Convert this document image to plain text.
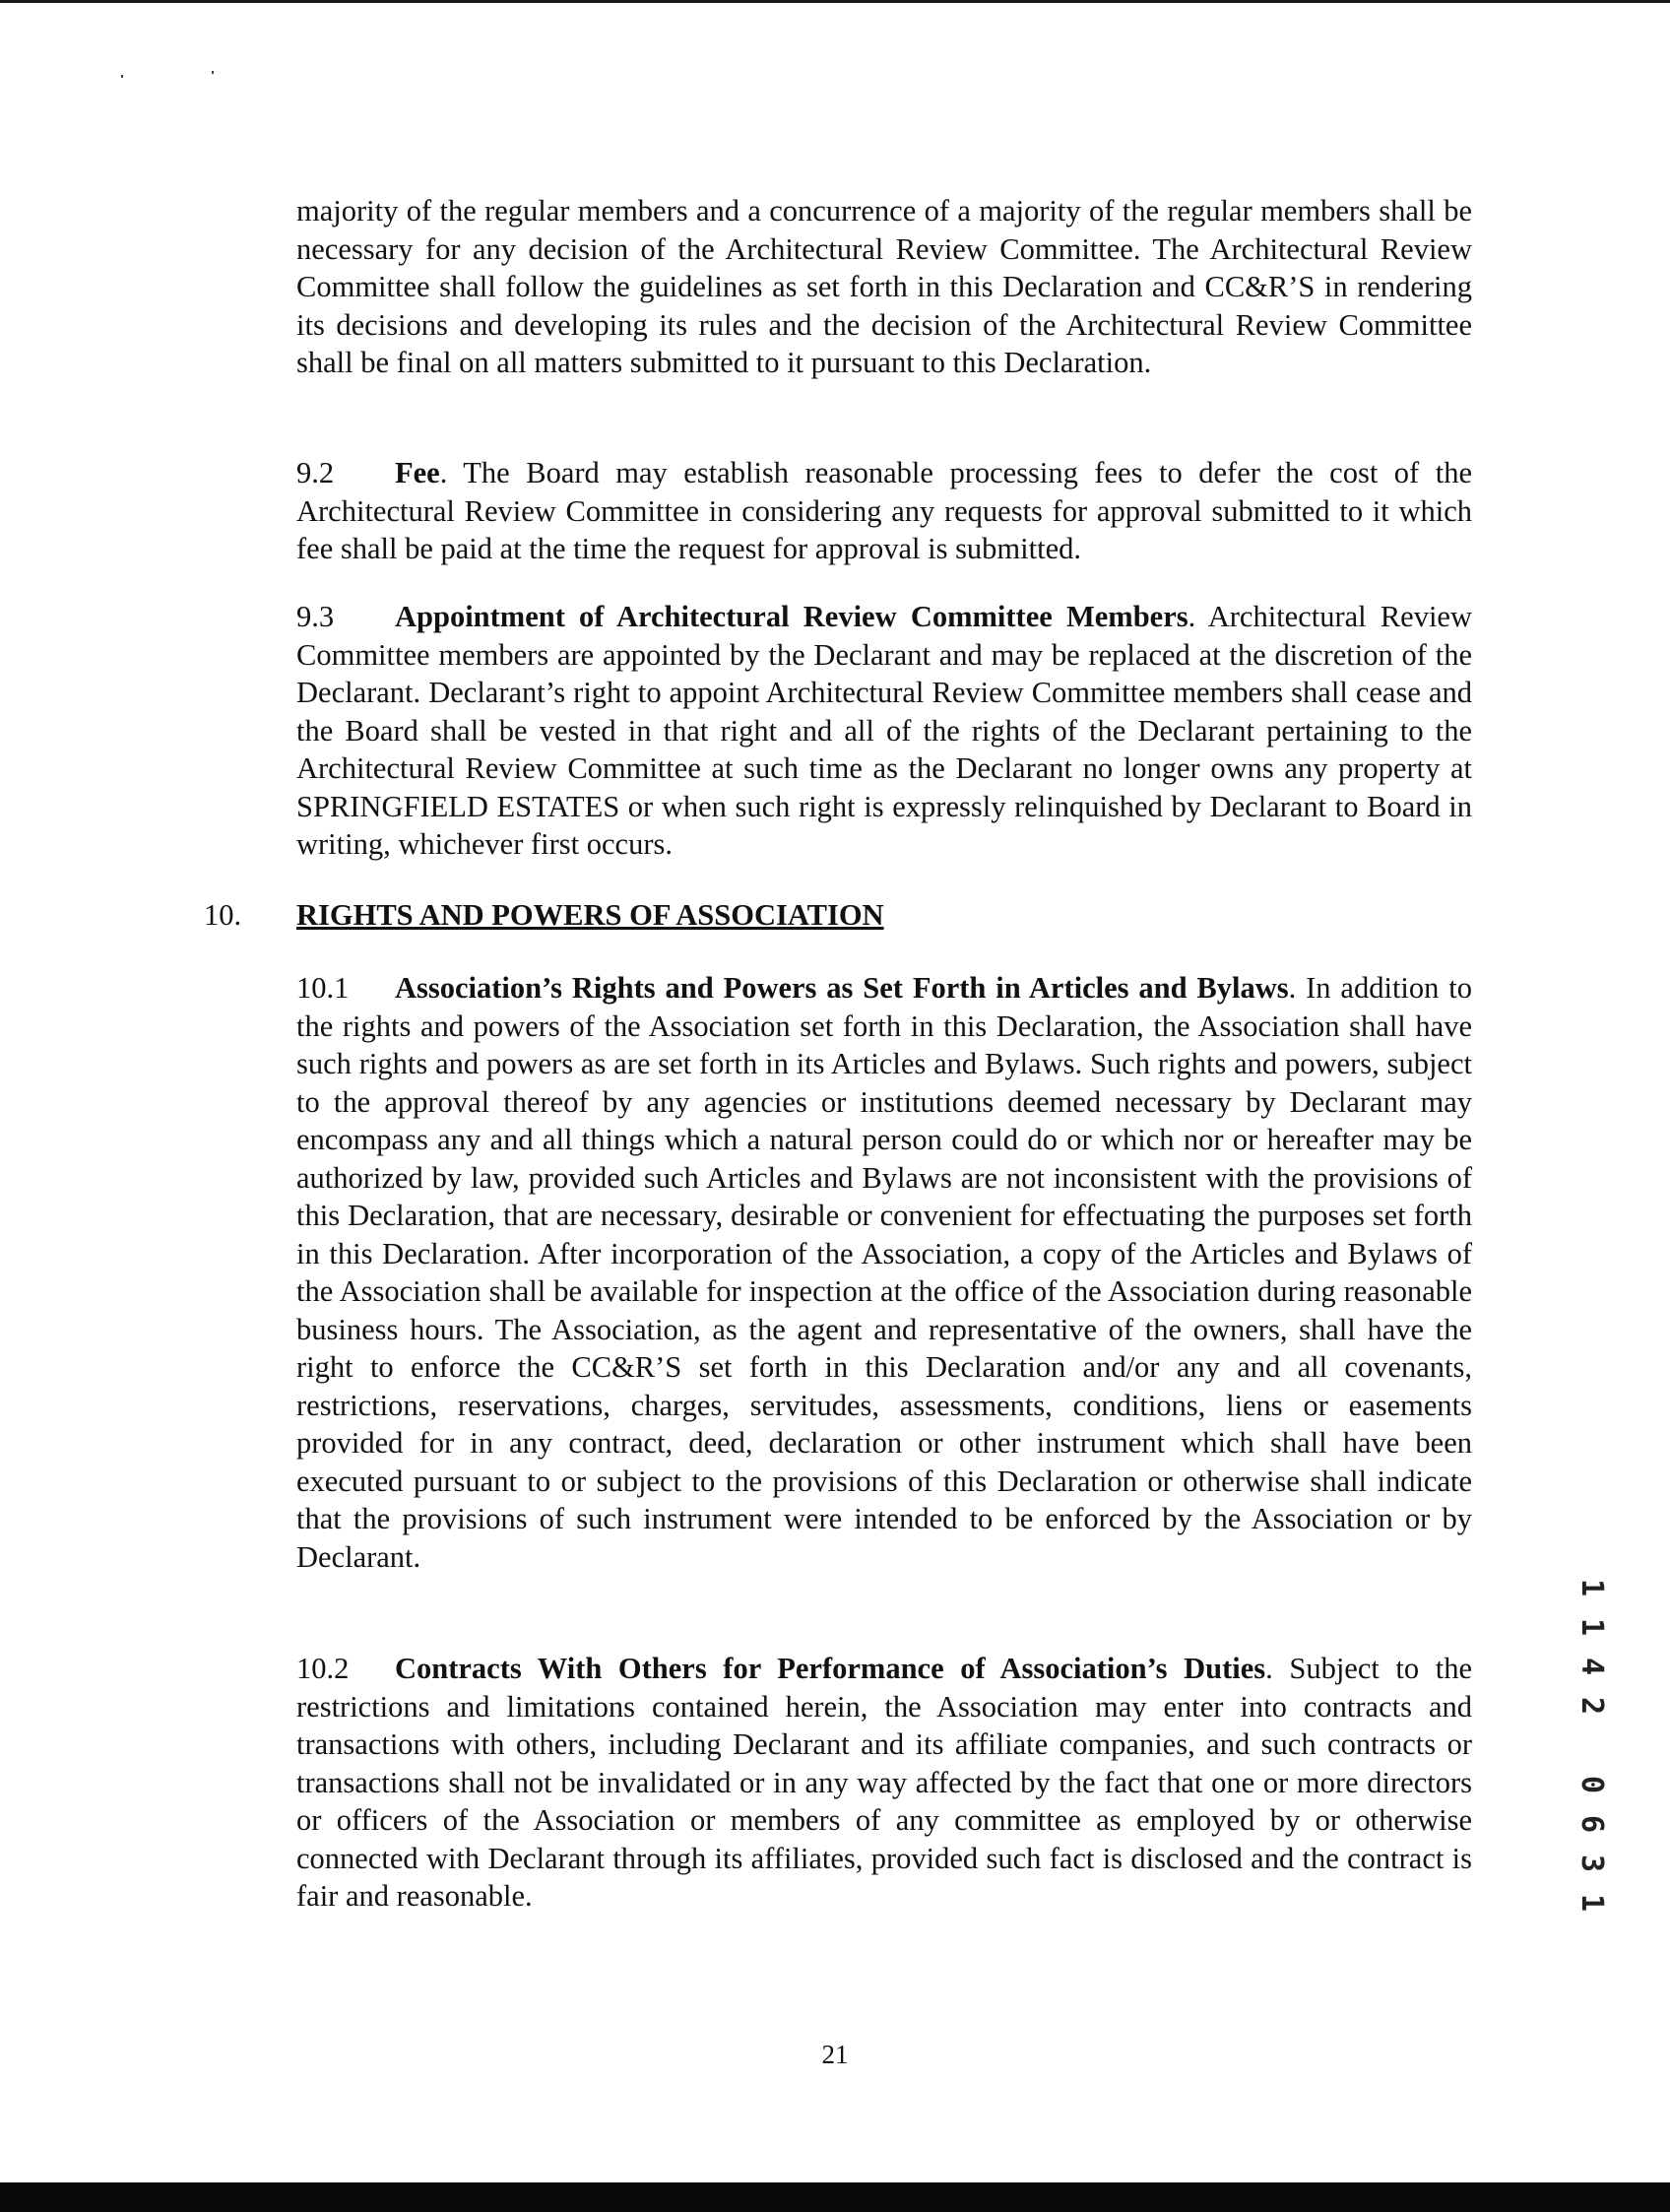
majority of the regular members and a concurrence of a majority of the regular members shall be necessary for any decision of the Architectural Review Committee. The Architectural Review Committee shall follow the guidelines as set forth in this Declaration and CC&R’S in rendering its decisions and developing its rules and the decision of the Architectural Review Committee shall be final on all matters submitted to it pursuant to this Declaration.

9.2 Fee. The Board may establish reasonable processing fees to defer the cost of the Architectural Review Committee in considering any requests for approval submitted to it which fee shall be paid at the time the request for approval is submitted.

9.3 Appointment of Architectural Review Committee Members. Architectural Review Committee members are appointed by the Declarant and may be replaced at the discretion of the Declarant. Declarant’s right to appoint Architectural Review Committee members shall cease and the Board shall be vested in that right and all of the rights of the Declarant pertaining to the Architectural Review Committee at such time as the Declarant no longer owns any property at SPRINGFIELD ESTATES or when such right is expressly relinquished by Declarant to Board in writing, whichever first occurs.

10. RIGHTS AND POWERS OF ASSOCIATION

10.1 Association’s Rights and Powers as Set Forth in Articles and Bylaws. In addition to the rights and powers of the Association set forth in this Declaration, the Association shall have such rights and powers as are set forth in its Articles and Bylaws. Such rights and powers, subject to the approval thereof by any agencies or institutions deemed necessary by Declarant may encompass any and all things which a natural person could do or which nor or hereafter may be authorized by law, provided such Articles and Bylaws are not inconsistent with the provisions of this Declaration, that are necessary, desirable or convenient for effectuating the purposes set forth in this Declaration. After incorporation of the Association, a copy of the Articles and Bylaws of the Association shall be available for inspection at the office of the Association during reasonable business hours. The Association, as the agent and representative of the owners, shall have the right to enforce the CC&R’S set forth in this Declaration and/or any and all covenants, restrictions, reservations, charges, servitudes, assessments, conditions, liens or easements provided for in any contract, deed, declaration or other instrument which shall have been executed pursuant to or subject to the provisions of this Declaration or otherwise shall indicate that the provisions of such instrument were intended to be enforced by the Association or by Declarant.

10.2 Contracts With Others for Performance of Association’s Duties. Subject to the restrictions and limitations contained herein, the Association may enter into contracts and transactions with others, including Declarant and its affiliate companies, and such contracts or transactions shall not be invalidated or in any way affected by the fact that one or more directors or officers of the Association or members of any committee as employed by or otherwise connected with Declarant through its affiliates, provided such fact is disclosed and the contract is fair and reasonable.

1
1
4
2
0
6
3
1
21
